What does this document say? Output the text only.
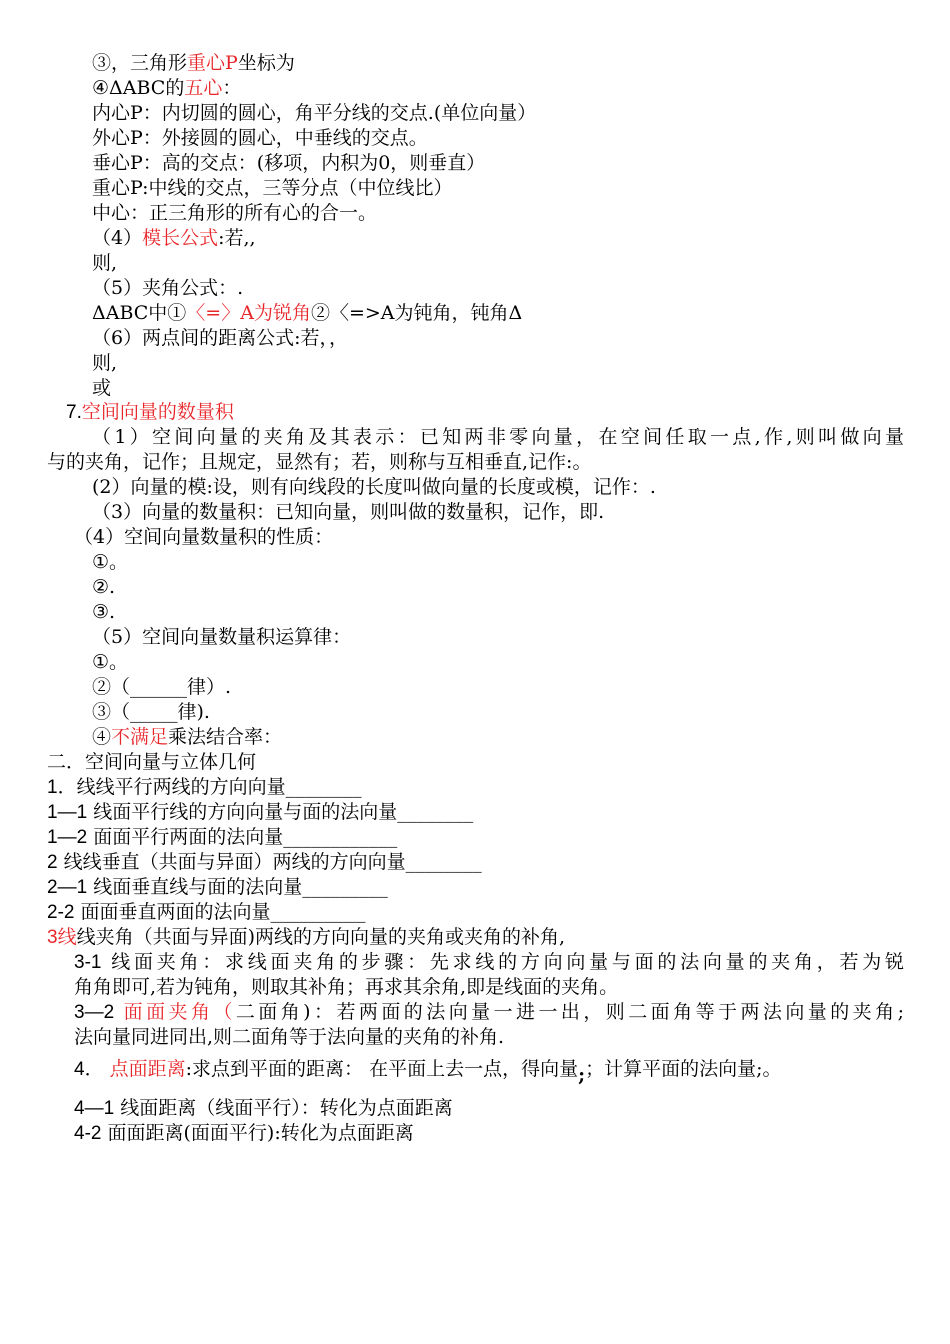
③，三角形重心P坐标为
④ΔABC的五心：
内心P：内切圆的圆心，角平分线的交点.(单位向量）
外心P：外接圆的圆心，中垂线的交点。
垂心P：高的交点：(移项，内积为0，则垂直）
重心P:中线的交点，三等分点（中位线比）
中心：正三角形的所有心的合一。
（4）模长公式:若,,
则,
（5）夹角公式：.
ΔABC中①〈=〉A为锐角②〈=>A为钝角，钝角Δ
（6）两点间的距离公式:若，，
则,
或
7.空间向量的数量积
（1）空间向量的夹角及其表示：已知两非零向量，在空间任取一点,作,则叫做向量
与的夹角，记作；且规定，显然有；若，则称与互相垂直,记作:。
(2）向量的模:设，则有向线段的长度叫做向量的长度或模，记作：.
（3）向量的数量积：已知向量，则叫做的数量积，记作，即.
（4）空间向量数量积的性质：
①。
②.
③.
（5）空间向量数量积运算律：
①。
②（______律）.
③（_____律).
④不满足乘法结合率：
二．空间向量与立体几何
1．线线平行两线的方向向量________
1—1 线面平行线的方向向量与面的法向量________
1—2 面面平行两面的法向量____________
2 线线垂直（共面与异面）两线的方向向量________
2—1 线面垂直线与面的法向量_________
2-2 面面垂直两面的法向量__________
3线线夹角（共面与异面)两线的方向向量的夹角或夹角的补角,
3-1 线面夹角：求线面夹角的步骤：先求线的方向向量与面的法向量的夹角，若为锐
角角即可,若为钝角，则取其补角；再求其余角,即是线面的夹角。
3—2 面面夹角（二面角)：若两面的法向量一进一出，则二面角等于两法向量的夹角;
法向量同进同出,则二面角等于法向量的夹角的补角.
4． 点面距离:求点到平面的距离： 在平面上去一点，得向量;；计算平面的法向量;。
4—1 线面距离（线面平行）：转化为点面距离
4-2 面面距离(面面平行):转化为点面距离
